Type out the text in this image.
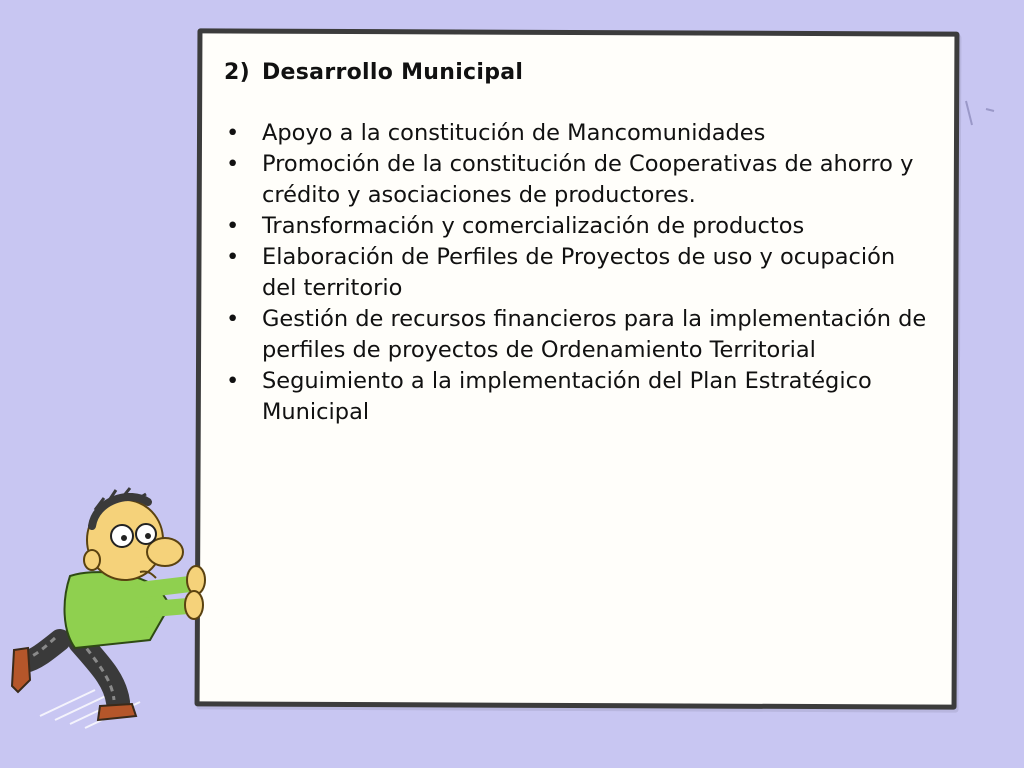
2) Desarrollo Municipal
• Apoyo a la constitución de Mancomunidades
• Promoción de la constitución de Cooperativas de ahorro y crédito y asociaciones de productores.
• Transformación y comercialización de productos
• Elaboración de Perfiles de Proyectos de uso y ocupación del territorio
• Gestión de recursos financieros para la implementación de perfiles de proyectos de Ordenamiento Territorial
• Seguimiento a la implementación del Plan Estratégico Municipal
